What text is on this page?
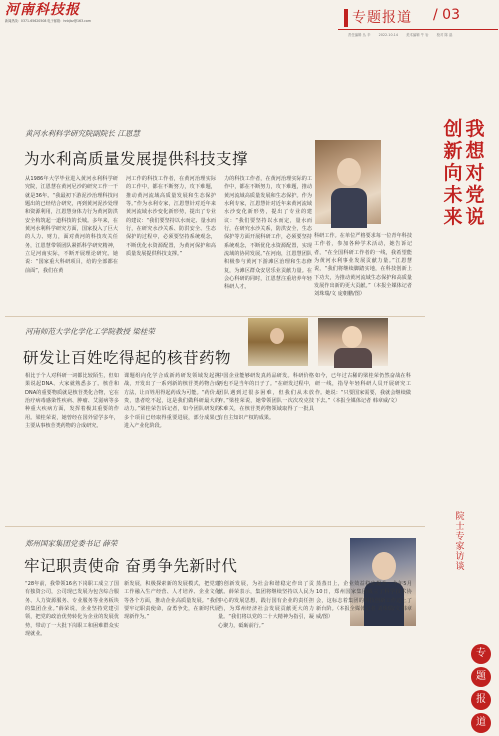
河南科技报
新闻热线：0371-65620508 电子邮箱：hnkjbz@163.com	专题报道 / 03
责任编辑 丛 辛 2022.10.14 美术编辑 牛 岩 校对 陈 晶
创新向未来
我想对党说
院士专家访谈
专
题
报
道
黄河水利科学研究院副院长 江恩慧
为水利高质量发展提供科技支撑
从1986年大学毕业进入黄河水利科学研究院，江恩慧在黄河尼沙的研究工作一干就是36年。“我最初下游泥沙治理科技问题出的已经结合研究，再到黄河泥沙处理和资源利用，江恩慧身体力行为黄河防洪安全构筑起一道科技的长城。多年来，在黄河水利科学研究方面，国家投入了巨大的人力、财力，面对黄河的科技攻关任务，江恩慧带领团队紧抓科学研究精神，立足河南实际，不断开展理论研究。她说：“国家重大科研项目，给的全部都在前面”，我们在黄
河工作的科技工作者，在黄河治理实际的工作中，都在不断努力，攻下难题，推动黄河流域高质量发展和生态保护等。”作为水利专家，江恩慧针对近年来黄河流域水沙变化新形势，提出了专业的建议：“我们要坚持以水而定、量水而行，在研究水沙关系、防洪安全、生态保护的过程中，必须要坚持系统观念，不断优化水资源配置，为黄河保护和高质量发展提供科技支撑。”
力的科技工作者，在黄河治理实际的工作中，都在不断努力，攻下难题，推动黄河流域高质量发展和生态保护。作为水利专家，江恩慧针对近年来黄河流域水沙变化新形势，提出了专业的建议：“我们要坚持以水而定，量水而行，在研究水沙关系，防洪安全，生态保护等方面开展科研工作，必须要坚持系统观念，不断优化水资源配置，实现流域的协同发展。”在河南，江恩慧团队积极参与黄河下游滩区治理和生态修复，为滩区群众安居乐业贡献力量。在会心科研的同时，江恩慧注重培养年轻科研人才。
科研工作。在单位严格要求每一位青年科技工作者，参加各种学术活动，她告诉记者，“在全国科研工作者的一线，我希望能为黄河水利事业发展贡献力量。”江恩慧说，“我们将继续脚踏实地，在科技创新上下功夫，为推动黄河流域生态保护和高质量发展作出新的更大贡献。”（本报全媒体记者 刘珠瑞/文 庞朝鹏/图）
河南师范大学化学化工学院教授 梁桂荣
研发让百姓吃得起的核苷药物
相比于个人对科研一词都比较陌生，但如果说起DNA、大家就熟悉多了。核苷和DNA的重要物质就是核苷类化合物，它在治疗病毒感染性疾病、肿瘤、艾滋病等多种重大疾病方面，发挥着极其重要的作用。梁桂荣说，她曾经在国外留学多年，主要从事核苷类药物的合成研究。
课题组向化学合成新药研发领域发起挑战，开发出了一系列新的核苷类药物合成方法，让百姓用得起药成为可能。“药价太贵，患者吃不起，这是我们做科研最大的动力。”梁桂荣告诉记者，如今团队研发的多个项目已经取得重要进展，部分成果已进入产业化阶段。
中国企业能够研发真药品研发。科研价格再也不是当年的日子了。“在研发过程中，团队遇到过很多困难，但我们从未放弃。”梁桂荣说，她带领团队一次次攻克技术难关，在核苷类药物领域取得了一批具有自主知识产权的成果。
如今，已年过古稀的梁桂荣仍然奋战在科研一线，指导年轻科研人员开展研究工作。她说：“只要国家需要，我就会继续做下去。”（本报全媒体记者 韩章威/文）
郑州国家集团党委书记 薛荣
牢记职责使命 奋勇争先新时代
“28年前，我带领16名下岗职工成立了国有独资公司，公司现已发展为包含综合服务、人力资源服务、专业服务等业务板块的集团企业。”薛荣说，企业坚持党建引领，把党的政治优势转化为企业的发展优势，带动了一大批下岗职工和困难群众实现就业。
新发展，积极探索新的发展模式，把党建工作融入生产经营、人才培养、企业文化等各个方面，推动企业高质量发展。“我们要牢记职责使命，奋勇争先，在新时代展现新作为。”
的创新发展，为社会和谐稳定作出了贡献。薛荣表示，集团将继续坚持以人民为中心的发展思想，践行国有企业的责任担当，为郑州经济社会发展贡献更大的力量。“我们将以党的二十大精神为指引，凝心聚力，砥砺前行。”
蒸蒸日上，企业效益稳步提升。今年5月10日，郑州国家集团成立了科学技术协会，这标志着集团的科技创新工作迈上了新台阶。（本报全媒体记者 刘珠瑞/文 韩章威/图）
